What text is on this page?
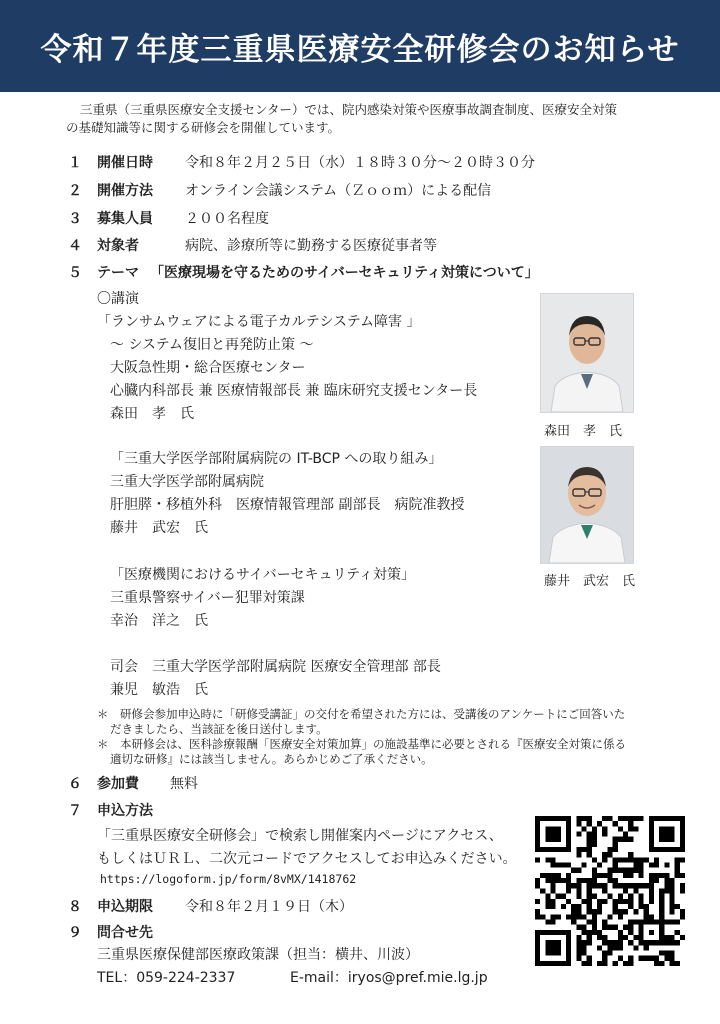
令和７年度三重県医療安全研修会のお知らせ
三重県（三重県医療安全支援センター）では、院内感染対策や医療事故調査制度、医療安全対策
の基礎知識等に関する研修会を開催しています。
１ 開催日時 令和８年２月２５日（水）１８時３０分～２０時３０分
２ 開催方法 オンライン会議システム（Ｚｏｏｍ）による配信
３ 募集人員 ２００名程度
４ 対象者	病院、診療所等に勤務する医療従事者等
５ テーマ 「医療現場を守るためのサイバーセキュリティ対策について」
〇講演
「ランサムウェアによる電子カルテシステム障害 」
～ システム復旧と再発防止策 ～
大阪急性期・総合医療センター
心臓内科部長 兼 医療情報部長 兼 臨床研究支援センター長
森田　孝　氏
森田　孝　氏
「三重大学医学部附属病院の IT-BCP への取り組み」
三重大学医学部附属病院
肝胆膵・移植外科　医療情報管理部 副部長　病院准教授
藤井　武宏　氏
藤井　武宏　氏
「医療機関におけるサイバーセキュリティ対策」
三重県警察サイバー犯罪対策課
幸治　洋之　氏
司会　三重大学医学部附属病院 医療安全管理部 部長
兼児　敏浩　氏
＊　研修会参加申込時に「研修受講証」の交付を希望された方には、受講後のアンケートにご回答いた
だきましたら、当該証を後日送付します。
＊　本研修会は、医科診療報酬「医療安全対策加算」の施設基準に必要とされる『医療安全対策に係る
適切な研修』には該当しません。あらかじめご了承ください。
６ 参加費 無料
７ 申込方法
「三重県医療安全研修会」で検索し開催案内ページにアクセス、
もしくはＵＲＬ、二次元コードでアクセスしてお申込みください。
https://logoform.jp/form/8vMX/1418762
８ 申込期限 令和８年２月１９日（木）
９ 問合せ先
三重県医療保健部医療政策課（担当：横井、川波）
TEL：059-224-2337	E-mail：iryos@pref.mie.lg.jp
